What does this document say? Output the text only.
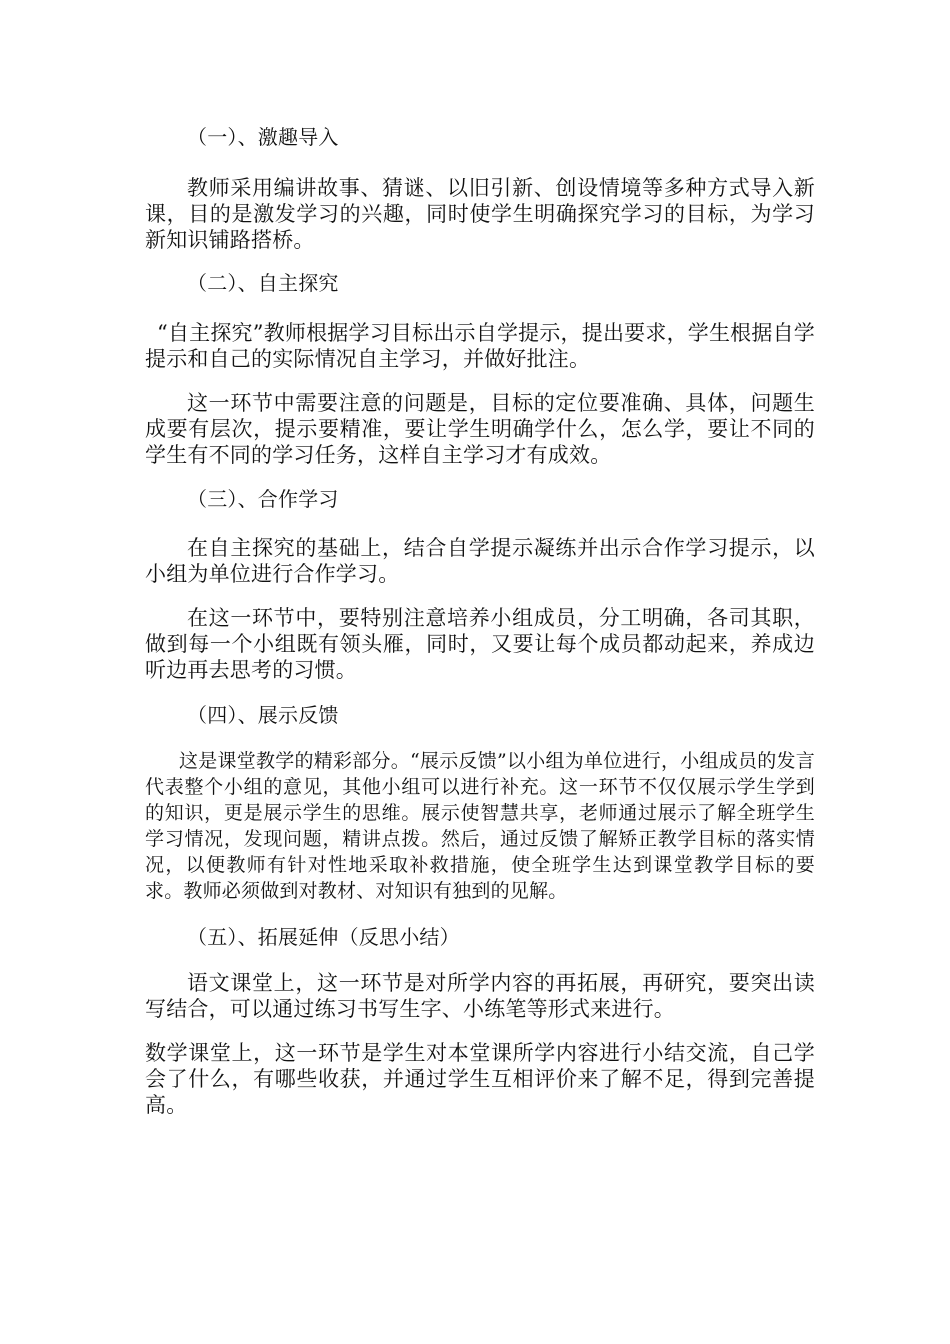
（一）、激趣导入

教师采用编讲故事、猜谜、以旧引新、创设情境等多种方式导入新课，目的是激发学习的兴趣，同时使学生明确探究学习的目标，为学习新知识铺路搭桥。

（二）、自主探究

“自主探究”教师根据学习目标出示自学提示，提出要求，学生根据自学提示和自己的实际情况自主学习，并做好批注。

这一环节中需要注意的问题是，目标的定位要准确、具体，问题生成要有层次，提示要精准，要让学生明确学什么，怎么学，要让不同的学生有不同的学习任务，这样自主学习才有成效。

（三）、合作学习

在自主探究的基础上，结合自学提示凝练并出示合作学习提示，以小组为单位进行合作学习。

在这一环节中，要特别注意培养小组成员，分工明确，各司其职，做到每一个小组既有领头雁，同时，又要让每个成员都动起来，养成边听边再去思考的习惯。

（四）、展示反馈

这是课堂教学的精彩部分。“展示反馈”以小组为单位进行，小组成员的发言代表整个小组的意见，其他小组可以进行补充。这一环节不仅仅展示学生学到的知识，更是展示学生的思维。展示使智慧共享，老师通过展示了解全班学生学习情况，发现问题，精讲点拨。然后，通过反馈了解矫正教学目标的落实情况，以便教师有针对性地采取补救措施，使全班学生达到课堂教学目标的要求。教师必须做到对教材、对知识有独到的见解。

（五）、拓展延伸（反思小结）

语文课堂上，这一环节是对所学内容的再拓展，再研究，要突出读写结合，可以通过练习书写生字、小练笔等形式来进行。

数学课堂上，这一环节是学生对本堂课所学内容进行小结交流，自己学会了什么，有哪些收获，并通过学生互相评价来了解不足，得到完善提高。
